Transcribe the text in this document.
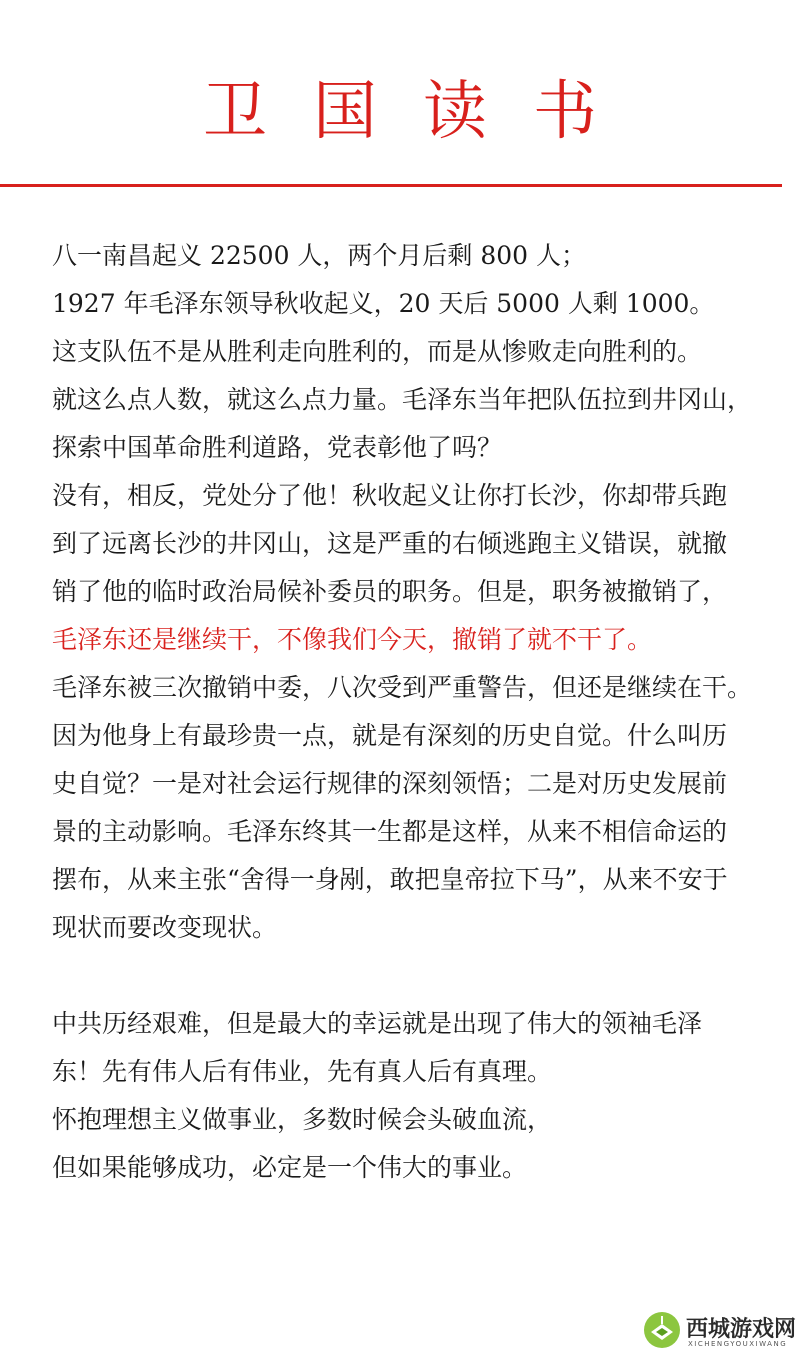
卫国读书
八一南昌起义 22500 人，两个月后剩 800 人；
1927 年毛泽东领导秋收起义，20 天后 5000 人剩 1000。
这支队伍不是从胜利走向胜利的，而是从惨败走向胜利的。
就这么点人数，就这么点力量。毛泽东当年把队伍拉到井冈山，
探索中国革命胜利道路，党表彰他了吗？
没有，相反，党处分了他！秋收起义让你打长沙，你却带兵跑
到了远离长沙的井冈山，这是严重的右倾逃跑主义错误，就撤
销了他的临时政治局候补委员的职务。但是，职务被撤销了，
毛泽东还是继续干，不像我们今天，撤销了就不干了。
毛泽东被三次撤销中委，八次受到严重警告，但还是继续在干。
因为他身上有最珍贵一点，就是有深刻的历史自觉。什么叫历
史自觉？一是对社会运行规律的深刻领悟；二是对历史发展前
景的主动影响。毛泽东终其一生都是这样，从来不相信命运的
摆布，从来主张“舍得一身剐，敢把皇帝拉下马”，从来不安于
现状而要改变现状。
中共历经艰难，但是最大的幸运就是出现了伟大的领袖毛泽
东！先有伟人后有伟业，先有真人后有真理。
怀抱理想主义做事业，多数时候会头破血流，
但如果能够成功，必定是一个伟大的事业。
西城游戏网
XICHENGYOUXIWANG
